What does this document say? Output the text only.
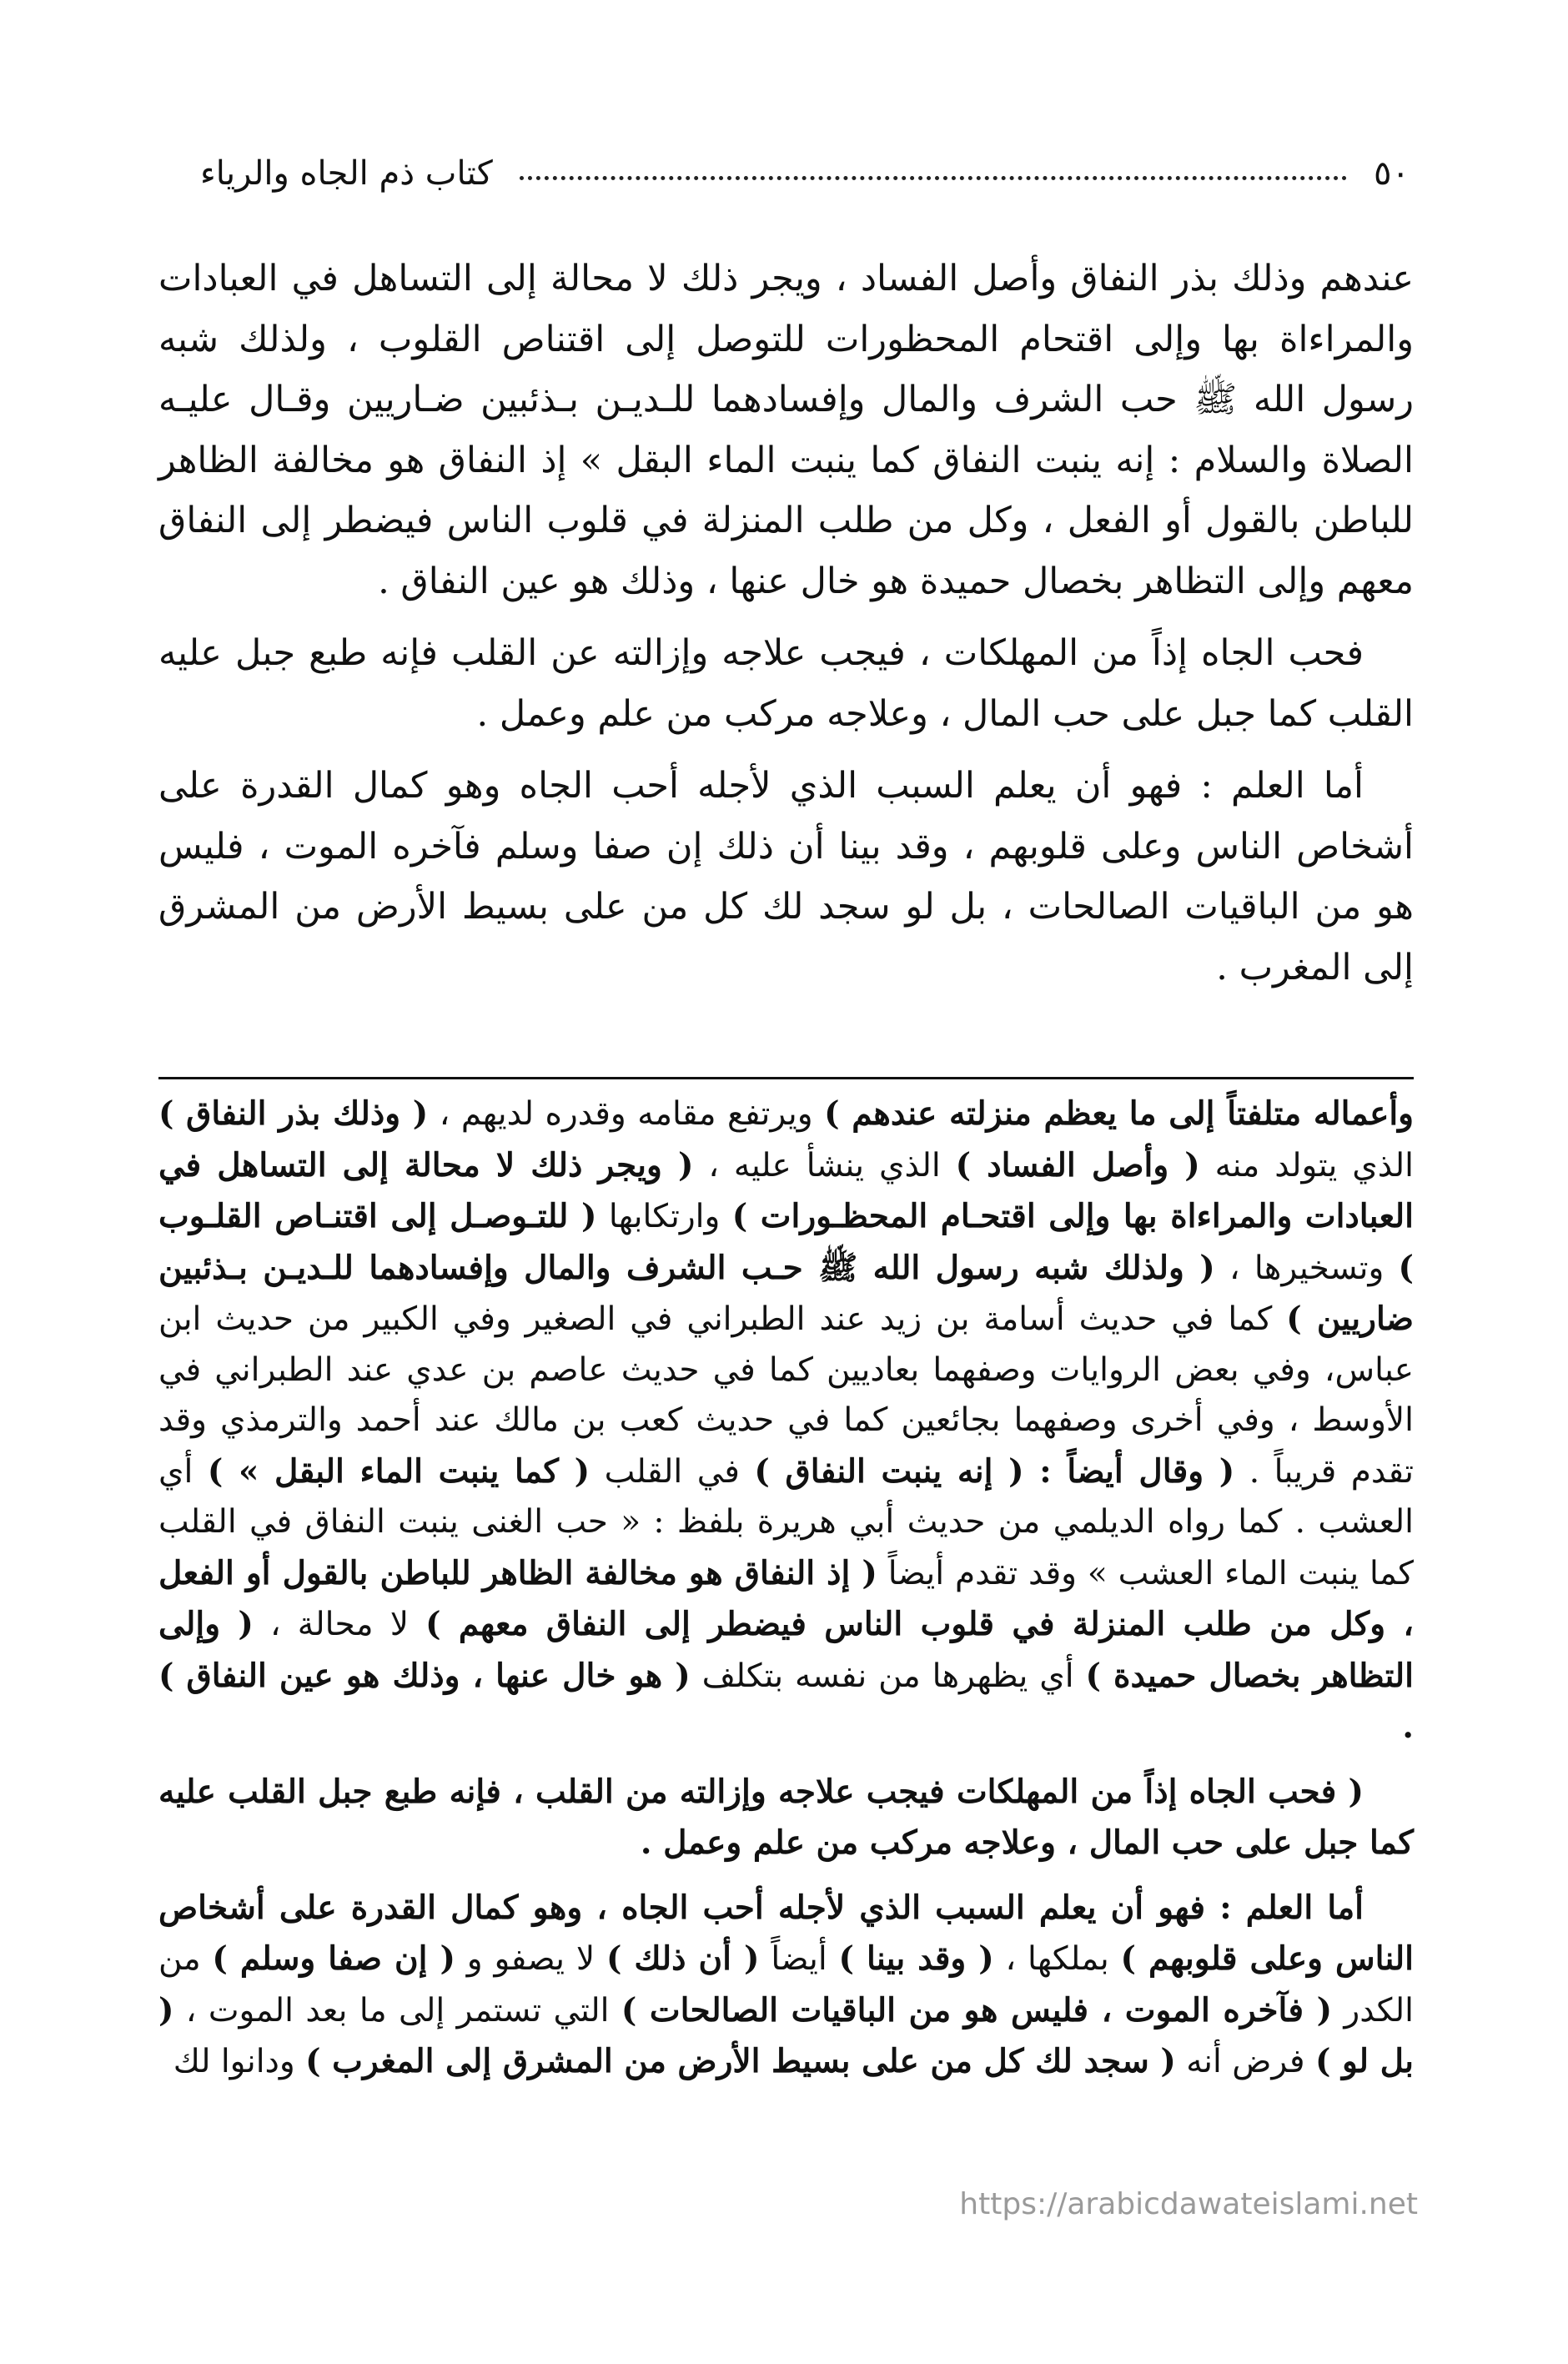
٥٠
كتاب ذم الجاه والرياء

عندهم وذلك بذر النفاق وأصل الفساد ، ويجر ذلك لا محالة إلى التساهل في العبادات والمراءاة بها وإلى اقتحام المحظورات للتوصل إلى اقتناص القلوب ، ولذلك شبه رسول الله ﷺ حب الشرف والمال وإفسادهما للـديـن بـذئبين ضـاريين وقـال عليـه الصلاة والسلام : إنه ينبت النفاق كما ينبت الماء البقل » إذ النفاق هو مخالفة الظاهر للباطن بالقول أو الفعل ، وكل من طلب المنزلة في قلوب الناس فيضطر إلى النفاق معهم وإلى التظاهر بخصال حميدة هو خال عنها ، وذلك هو عين النفاق .

فحب الجاه إذاً من المهلكات ، فيجب علاجه وإزالته عن القلب فإنه طبع جبل عليه القلب كما جبل على حب المال ، وعلاجه مركب من علم وعمل .

أما العلم : فهو أن يعلم السبب الذي لأجله أحب الجاه وهو كمال القدرة على أشخاص الناس وعلى قلوبهم ، وقد بينا أن ذلك إن صفا وسلم فآخره الموت ، فليس هو من الباقيات الصالحات ، بل لو سجد لك كل من على بسيط الأرض من المشرق إلى المغرب .

وأعماله متلفتاً إلى ما يعظم منزلته عندهم ) ويرتفع مقامه وقدره لديهم ، ( وذلك بذر النفاق ) الذي يتولد منه ( وأصل الفساد ) الذي ينشأ عليه ، ( ويجر ذلك لا محالة إلى التساهل في العبادات والمراءاة بها وإلى اقتحـام المحظـورات ) وارتكابها ( للتـوصـل إلى اقتنـاص القلـوب ) وتسخيرها ، ( ولذلك شبه رسول الله ﷺ حـب الشرف والمال وإفسادهما للـديـن بـذئبين ضاريين ) كما في حديث أسامة بن زيد عند الطبراني في الصغير وفي الكبير من حديث ابن عباس، وفي بعض الروايات وصفهما بعاديين كما في حديث عاصم بن عدي عند الطبراني في الأوسط ، وفي أخرى وصفهما بجائعين كما في حديث كعب بن مالك عند أحمد والترمذي وقد تقدم قريباً . ( وقال أيضاً : ( إنه ينبت النفاق ) في القلب ( كما ينبت الماء البقل » ) أي العشب . كما رواه الديلمي من حديث أبي هريرة بلفظ : « حب الغنى ينبت النفاق في القلب كما ينبت الماء العشب » وقد تقدم أيضاً ( إذ النفاق هو مخالفة الظاهر للباطن بالقول أو الفعل ، وكل من طلب المنزلة في قلوب الناس فيضطر إلى النفاق معهم ) لا محالة ، ( وإلى التظاهر بخصال حميدة ) أي يظهرها من نفسه بتكلف ( هو خال عنها ، وذلك هو عين النفاق ) .

( فحب الجاه إذاً من المهلكات فيجب علاجه وإزالته من القلب ، فإنه طبع جبل القلب عليه كما جبل على حب المال ، وعلاجه مركب من علم وعمل .

أما العلم : فهو أن يعلم السبب الذي لأجله أحب الجاه ، وهو كمال القدرة على أشخاص الناس وعلى قلوبهم ) بملكها ، ( وقد بينا ) أيضاً ( أن ذلك ) لا يصفو و ( إن صفا وسلم ) من الكدر ( فآخره الموت ، فليس هو من الباقيات الصالحات ) التي تستمر إلى ما بعد الموت ، ( بل لو ) فرض أنه ( سجد لك كل من على بسيط الأرض من المشرق إلى المغرب ) ودانوا لك

https://arabicdawateislami.net
